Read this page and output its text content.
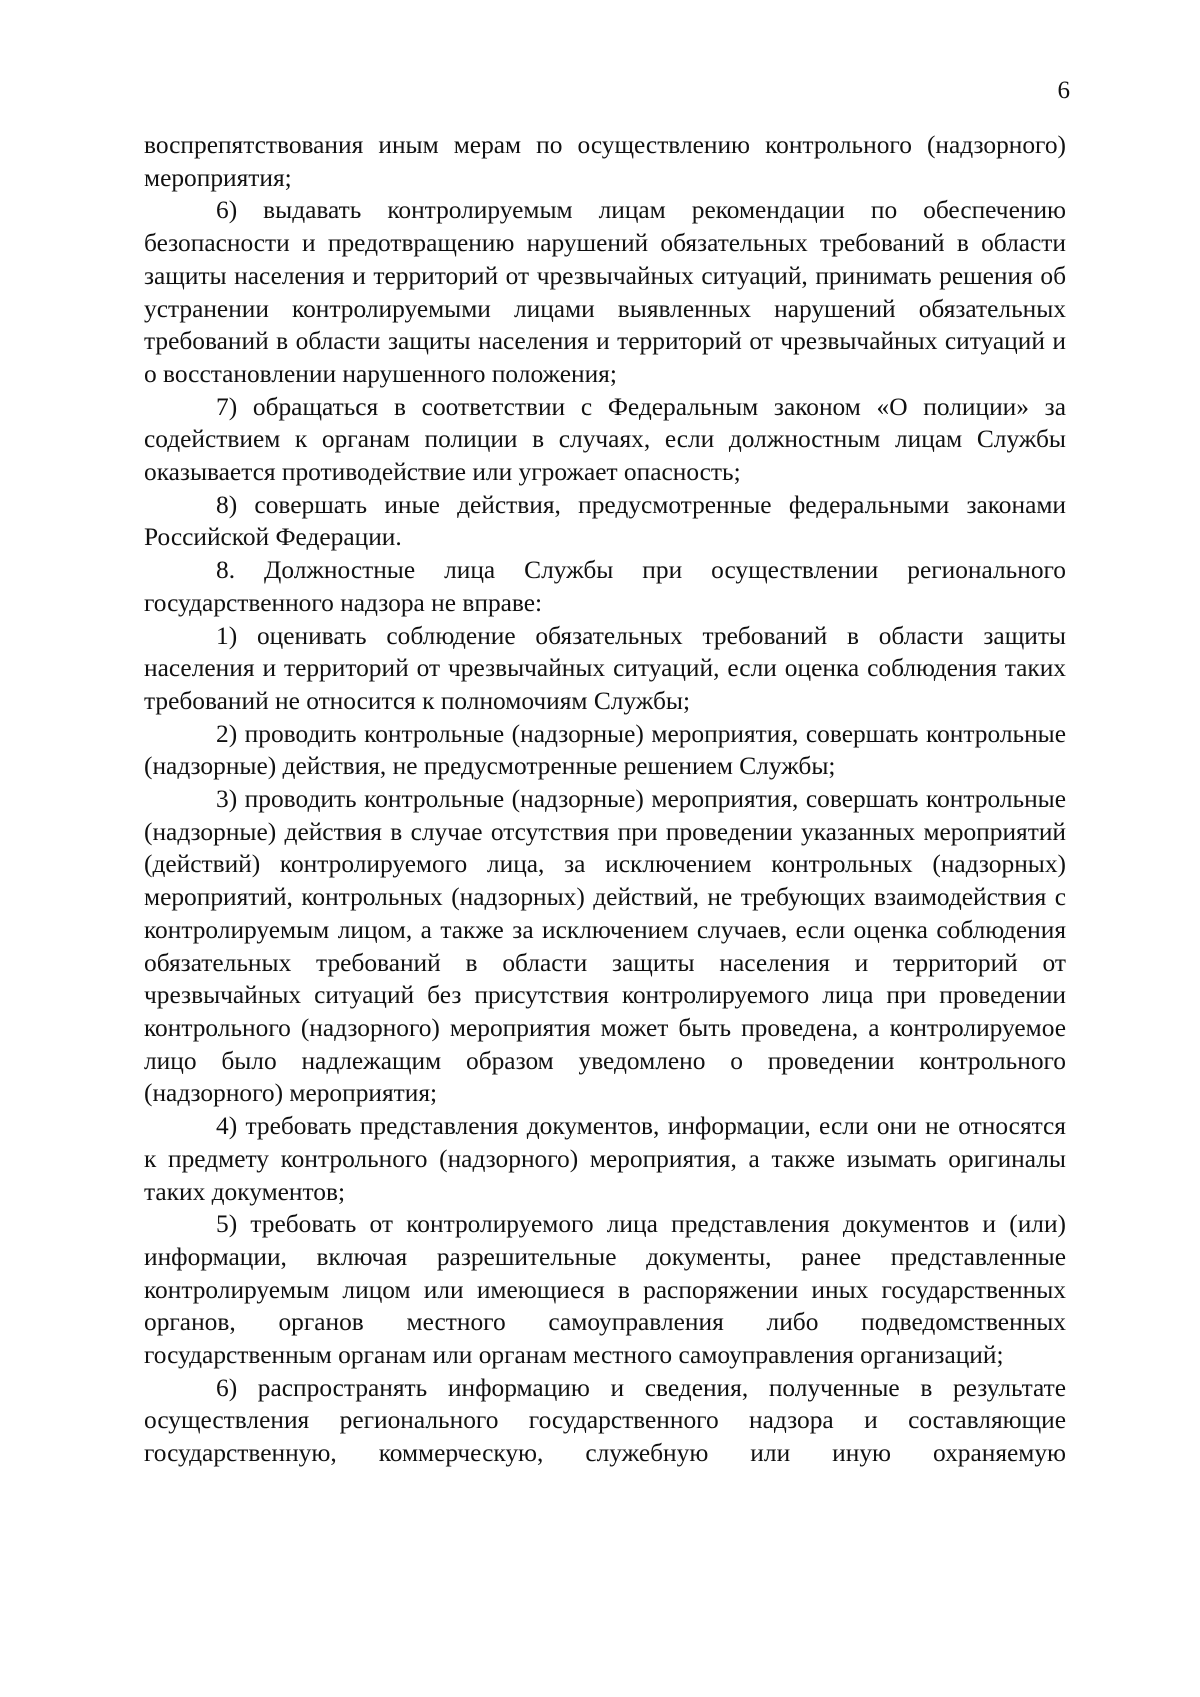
6

воспрепятствования иным мерам по осуществлению контрольного (надзорного) мероприятия;

6) выдавать контролируемым лицам рекомендации по обеспечению безопасности и предотвращению нарушений обязательных требований в области защиты населения и территорий от чрезвычайных ситуаций, принимать решения об устранении контролируемыми лицами выявленных нарушений обязательных требований в области защиты населения и территорий от чрезвычайных ситуаций и о восстановлении нарушенного положения;

7) обращаться в соответствии с Федеральным законом «О полиции» за содействием к органам полиции в случаях, если должностным лицам Службы оказывается противодействие или угрожает опасность;

8) совершать иные действия, предусмотренные федеральными законами Российской Федерации.

8. Должностные лица Службы при осуществлении регионального государственного надзора не вправе:

1) оценивать соблюдение обязательных требований в области защиты населения и территорий от чрезвычайных ситуаций, если оценка соблюдения таких требований не относится к полномочиям Службы;

2) проводить контрольные (надзорные) мероприятия, совершать контрольные (надзорные) действия, не предусмотренные решением Службы;

3) проводить контрольные (надзорные) мероприятия, совершать контрольные (надзорные) действия в случае отсутствия при проведении указанных мероприятий (действий) контролируемого лица, за исключением контрольных (надзорных) мероприятий, контрольных (надзорных) действий, не требующих взаимодействия с контролируемым лицом, а также за исключением случаев, если оценка соблюдения обязательных требований в области защиты населения и территорий от чрезвычайных ситуаций без присутствия контролируемого лица при проведении контрольного (надзорного) мероприятия может быть проведена, а контролируемое лицо было надлежащим образом уведомлено о проведении контрольного (надзорного) мероприятия;

4) требовать представления документов, информации, если они не относятся к предмету контрольного (надзорного) мероприятия, а также изымать оригиналы таких документов;

5) требовать от контролируемого лица представления документов и (или) информации, включая разрешительные документы, ранее представленные контролируемым лицом или имеющиеся в распоряжении иных государственных органов, органов местного самоуправления либо подведомственных государственным органам или органам местного самоуправления организаций;

6) распространять информацию и сведения, полученные в результате осуществления регионального государственного надзора и составляющие государственную, коммерческую, служебную или иную охраняемую
